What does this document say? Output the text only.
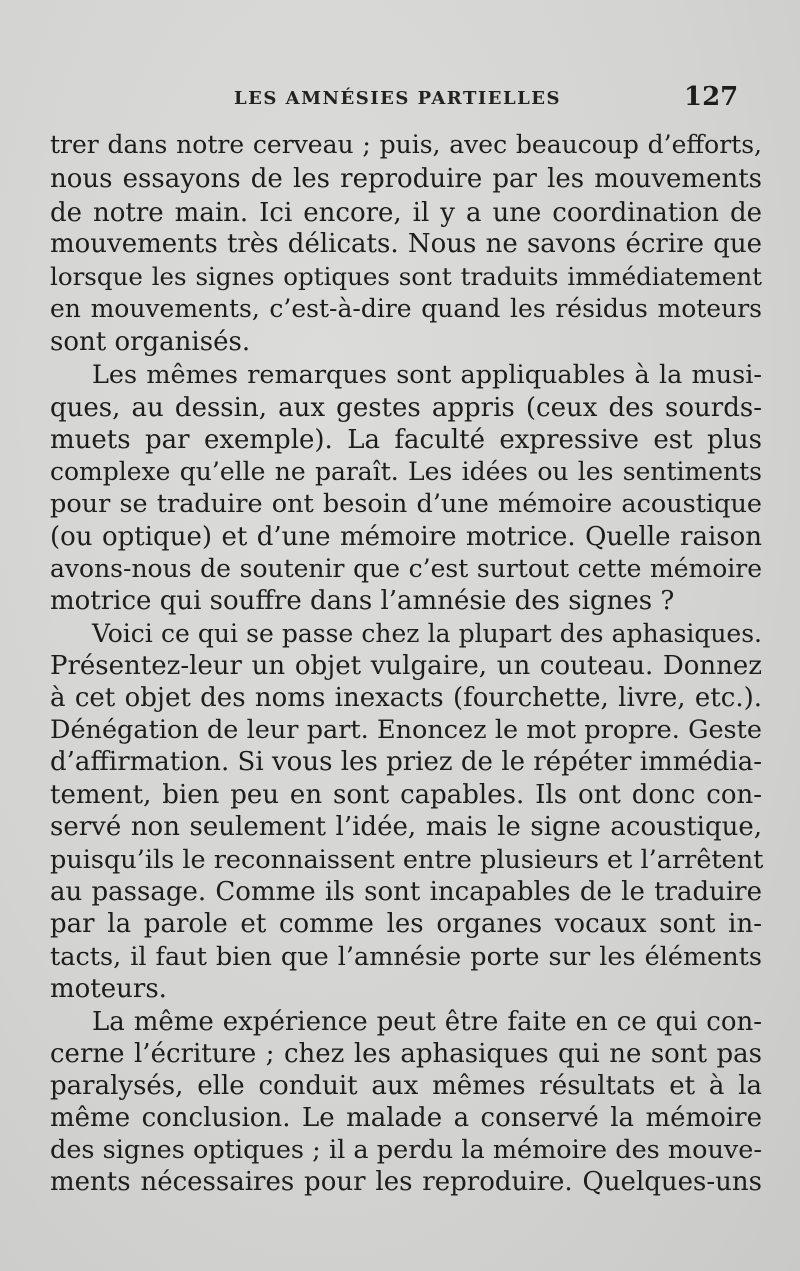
LES AMNÉSIES PARTIELLES	127
trer dans notre cerveau ; puis, avec beaucoup d’efforts,
nous essayons de les reproduire par les mouvements
de notre main. Ici encore, il y a une coordination de
mouvements très délicats. Nous ne savons écrire que
lorsque les signes optiques sont traduits immédiatement
en mouvements, c’est-à-dire quand les résidus moteurs
sont organisés.
Les mêmes remarques sont appliquables à la musi-
ques, au dessin, aux gestes appris (ceux des sourds-
muets par exemple). La faculté expressive est plus
complexe qu’elle ne paraît. Les idées ou les sentiments
pour se traduire ont besoin d’une mémoire acoustique
(ou optique) et d’une mémoire motrice. Quelle raison
avons-nous de soutenir que c’est surtout cette mémoire
motrice qui souffre dans l’amnésie des signes ?
Voici ce qui se passe chez la plupart des aphasiques.
Présentez-leur un objet vulgaire, un couteau. Donnez
à cet objet des noms inexacts (fourchette, livre, etc.).
Dénégation de leur part. Enoncez le mot propre. Geste
d’affirmation. Si vous les priez de le répéter immédia-
tement, bien peu en sont capables. Ils ont donc con-
servé non seulement l’idée, mais le signe acoustique,
puisqu’ils le reconnaissent entre plusieurs et l’arrêtent
au passage. Comme ils sont incapables de le traduire
par la parole et comme les organes vocaux sont in-
tacts, il faut bien que l’amnésie porte sur les éléments
moteurs.
La même expérience peut être faite en ce qui con-
cerne l’écriture ; chez les aphasiques qui ne sont pas
paralysés, elle conduit aux mêmes résultats et à la
même conclusion. Le malade a conservé la mémoire
des signes optiques ; il a perdu la mémoire des mouve-
ments nécessaires pour les reproduire. Quelques-uns
